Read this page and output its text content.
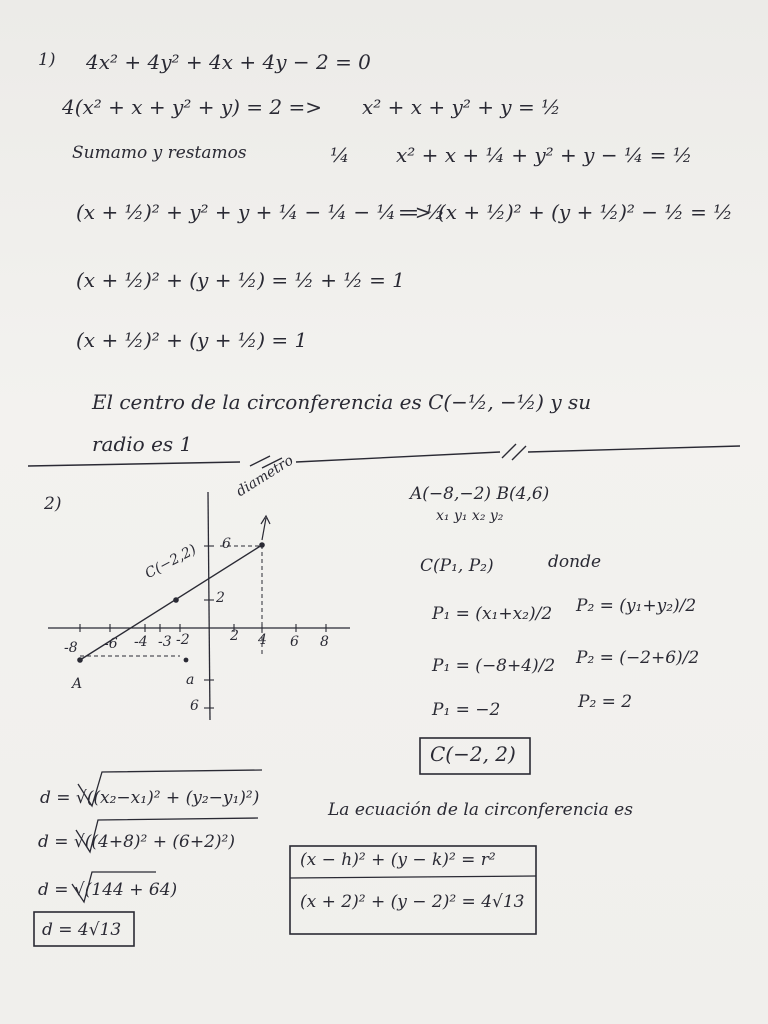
1) 4x² + 4y² + 4x + 4y − 2 = 0
4(x² + x + y² + y) = 2 => x² + x + y² + y = ½
Sumamo y restamos	¼ x² + x + ¼ + y² + y − ¼ = ½
(x + ½)² + y² + y + ¼ − ¼ − ¼ = ½
=> (x + ½)² + (y + ½)² − ½ = ½
(x + ½)² + (y + ½) = ½ + ½ = 1
(x + ½)² + (y + ½) = 1
El centro de la circonferencia es C(−½, −½) y su
radio es 1
diametro
C(−2,2)
-8 -6 -4 -3 -2	2 4 6 8
6
2
6
A	a
2)	A(−8,−2) B(4,6)
x₁ y₁ x₂ y₂
C(P₁, P₂)	donde
P₁ = (x₁+x₂)/2 P₂ = (y₁+y₂)/2
P₁ = (−8+4)/2 P₂ = (−2+6)/2
P₁ = −2	P₂ = 2
C(−2, 2)
d = √((x₂−x₁)² + (y₂−y₁)²)
d = √((4+8)² + (6+2)²)
d = √(144 + 64)
d = 4√13
La ecuación de la circonferencia es
(x − h)² + (y − k)² = r²
(x + 2)² + (y − 2)² = 4√13
